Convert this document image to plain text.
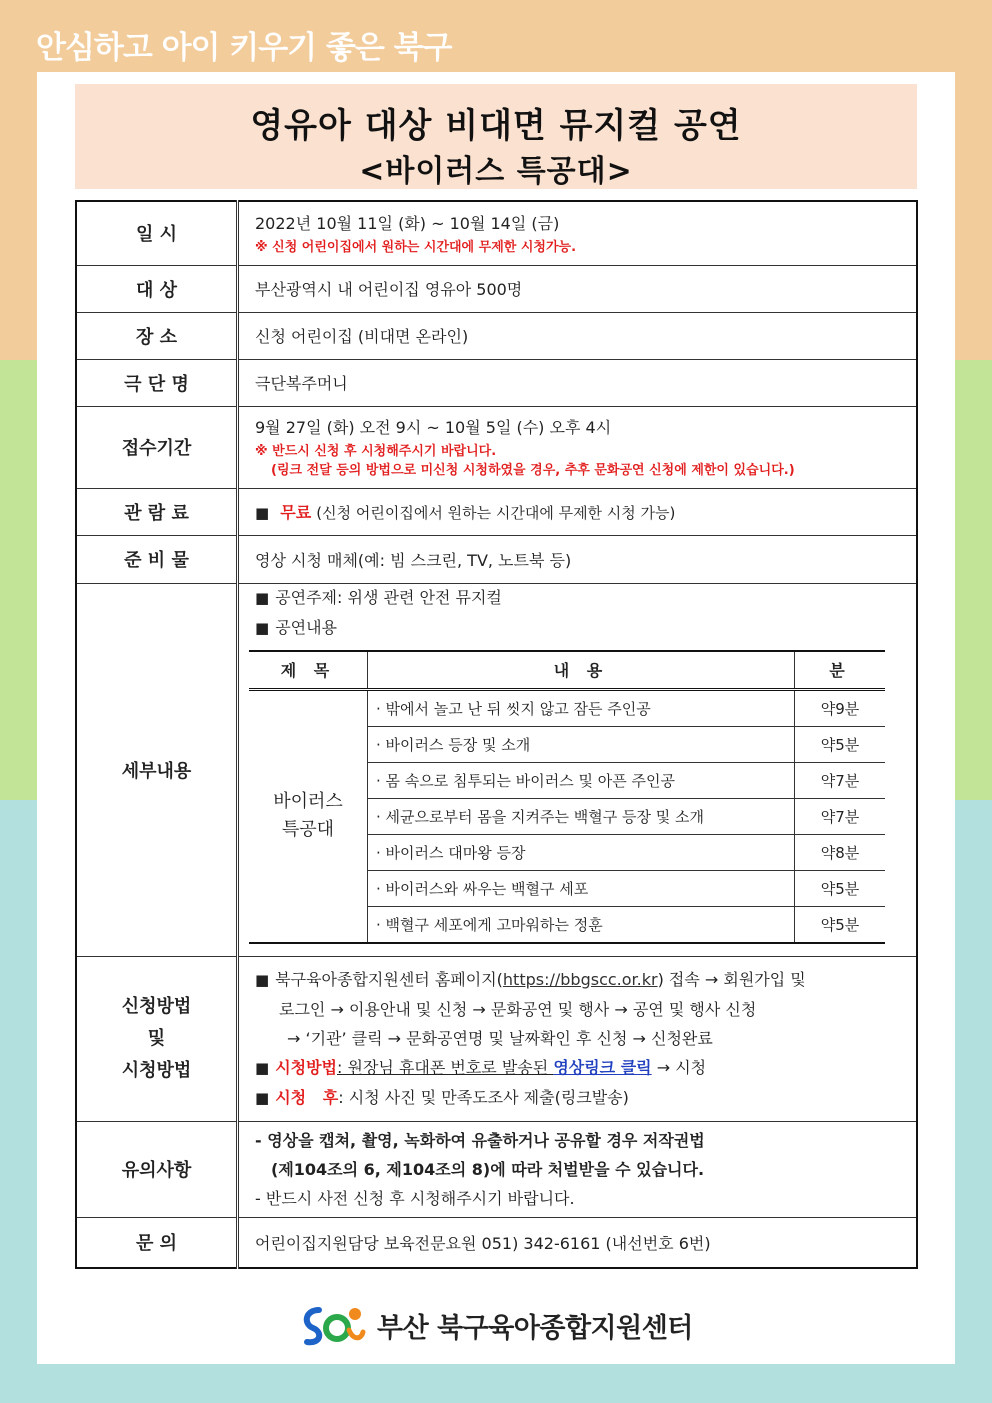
안심하고 아이 키우기 좋은 북구
영유아 대상 비대면 뮤지컬 공연
<바이러스 특공대>
일 시	
2022년 10월 11일 (화) ~ 10월 14일 (금)
※ 신청 어린이집에서 원하는 시간대에 무제한 시청가능.

대 상	부산광역시 내 어린이집 영유아 500명
장 소	신청 어린이집 (비대면 온라인)
극 단 명	극단복주머니
접수기간	
9월 27일 (화) 오전 9시 ~ 10월 5일 (수) 오후 4시
※ 반드시 신청 후 시청해주시기 바랍니다.
(링크 전달 등의 방법으로 미신청 시청하였을 경우, 추후 문화공연 신청에 제한이 있습니다.)

관 람 료	■ 무료 (신청 어린이집에서 원하는 시간대에 무제한 시청 가능)
준 비 물	영상 시청 매체(예: 빔 스크린, TV, 노트북 등)
세부내용	
■ 공연주제: 위생 관련 안전 뮤지컬
■ 공연내용
제 목	내 용	분

바이러스
특공대
	· 밖에서 놀고 난 뒤 씻지 않고 잠든 주인공	약9분
· 바이러스 등장 및 소개	약5분
· 몸 속으로 침투되는 바이러스 및 아픈 주인공	약7분
· 세균으로부터 몸을 지켜주는 백혈구 등장 및 소개	약7분
· 바이러스 대마왕 등장	약8분
· 바이러스와 싸우는 백혈구 세포	약5분
· 백혈구 세포에게 고마워하는 정훈	약5분

신청방법
및
시청방법

■ 북구육아종합지원센터 홈페이지(https://bbgscc.or.kr) 접속 → 회원가입 및
로그인 → 이용안내 및 신청 → 문화공연 및 행사 → 공연 및 행사 신청
→ ‘기관’ 클릭 → 문화공연명 및 날짜확인 후 신청 → 신청완료
■ 시청방법: 원장님 휴대폰 번호로 발송된 영상링크 클릭 → 시청
■ 시청   후: 시청 사진 및 만족도조사 제출(링크발송)

유의사항	
- 영상을 캡쳐, 촬영, 녹화하여 유출하거나 공유할 경우 저작권법
(제104조의 6, 제104조의 8)에 따라 처벌받을 수 있습니다.
- 반드시 사전 신청 후 시청해주시기 바랍니다.

문 의	어린이집지원담당 보육전문요원 051) 342-6161 (내선번호 6번)
부산 북구육아종합지원센터
